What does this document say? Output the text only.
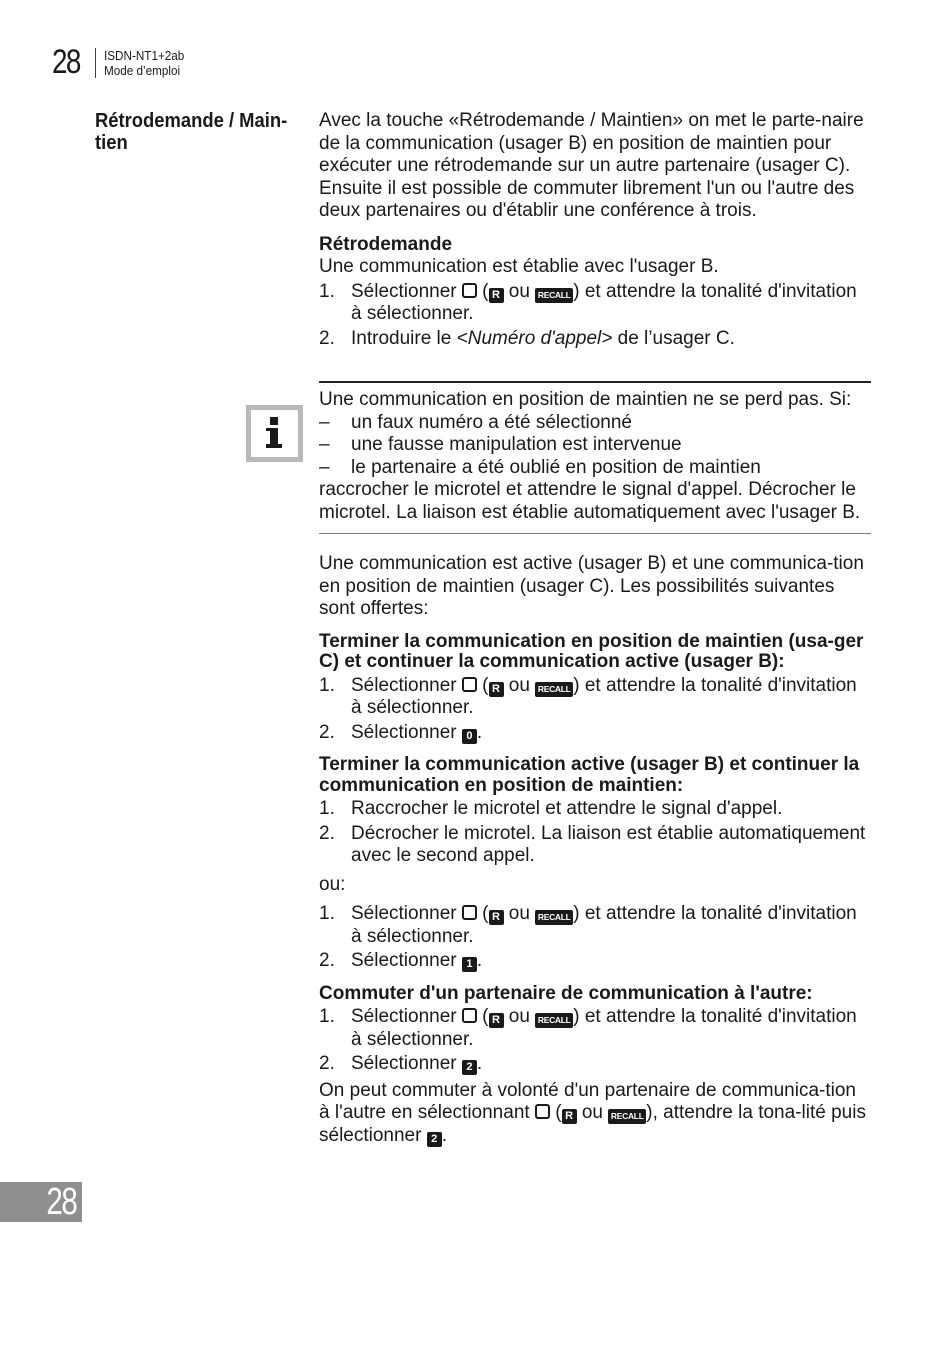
28 ISDN-NT1+2ab
Mode d’emploi
Rétrodemande / Main-tien

Avec la touche «Rétrodemande / Maintien» on met le parte-naire de la communication (usager B) en position de maintien pour exécuter une rétrodemande sur un autre partenaire (usager C). Ensuite il est possible de commuter librement l'un ou l'autre des deux partenaires ou d'établir une conférence à trois.

Rétrodemande

Une communication est établie avec l'usager B.

1. Sélectionner  ( R ou RECALL ) et attendre la tonalité d'invitation à sélectionner.
2. Introduire le <Numéro d'appel> de l’usager C.

Une communication en position de maintien ne se perd pas. Si:

– un faux numéro a été sélectionné
– une fausse manipulation est intervenue
– le partenaire a été oublié en position de maintien

raccrocher le microtel et attendre le signal d'appel. Décrocher le microtel. La liaison est établie automatiquement avec l'usager B.

Une communication est active (usager B) et une communica-tion en position de maintien (usager C). Les possibilités suivantes sont offertes:

Terminer la communication en position de maintien (usa-ger C) et continuer la communication active (usager B):

1. Sélectionner  ( R ou RECALL ) et attendre la tonalité d'invitation à sélectionner.
2. Sélectionner 0 .

Terminer la communication active (usager B) et continuer la communication en position de maintien:

1. Raccrocher le microtel et attendre le signal d'appel.
2. Décrocher le microtel. La liaison est établie automatiquement avec le second appel.

ou:

1. Sélectionner  ( R ou RECALL ) et attendre la tonalité d'invitation à sélectionner.
2. Sélectionner 1 .

Commuter d'un partenaire de communication à l'autre:

1. Sélectionner  ( R ou RECALL ) et attendre la tonalité d'invitation à sélectionner.
2. Sélectionner 2 .

On peut commuter à volonté d'un partenaire de communica-tion à l'autre en sélectionnant  ( R ou RECALL ), attendre la tona-lité puis sélectionner 2 .

28
